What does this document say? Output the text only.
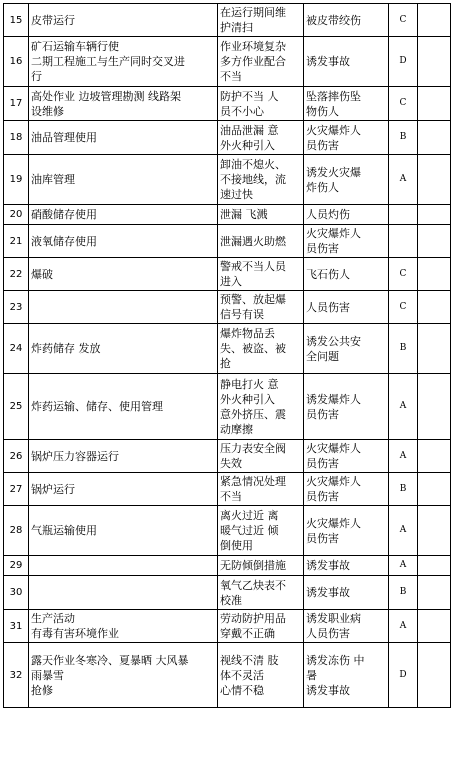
15	皮带运行	在运行期间维
护清扫	被皮带绞伤	C	
16	矿石运输车辆行使
二期工程施工与生产同时交叉进
行	作业环境复杂
多方作业配合
不当	诱发事故	D	
17	高处作业 边坡管理勘测 线路架
设维修	防护不当 人
员不小心	坠落摔伤坠
物伤人	C	
18	油品管理使用	油品泄漏 意
外火种引入	火灾爆炸人
员伤害	B	
19	油库管理	卸油不熄火、
不接地线，流
速过快	诱发火灾爆
炸伤人	A	
20	硝酸储存使用	泄漏 飞溅	人员灼伤		
21	液氧储存使用	泄漏遇火助燃	火灾爆炸人
员伤害		
22	爆破	警戒不当人员
进入	飞石伤人	C	
23		预警、放起爆
信号有误	人员伤害	C	
24	炸药储存 发放	爆炸物品丢
失、被盗、被
抢	诱发公共安
全问题	B	
25	炸药运输、储存、使用管理	静电打火 意
外火种引入
意外挤压、震
动摩擦	诱发爆炸人
员伤害	A	
26	锅炉压力容器运行	压力表安全阀
失效	火灾爆炸人
员伤害	A	
27	锅炉运行	紧急情况处理
不当	火灾爆炸人
员伤害	B	
28	气瓶运输使用	离火过近 离
暖气过近 倾
倒使用	火灾爆炸人
员伤害	A	
29		无防倾倒措施	诱发事故	A	
30		氧气乙炔表不
校准	诱发事故	B	
31	生产活动
有毒有害环境作业	劳动防护用品
穿戴不正确	诱发职业病
人员伤害	A	
32	露天作业冬寒冷、夏暴晒 大风暴
雨暴雪
抢修	视线不清 肢
体不灵活
心情不稳	诱发冻伤 中
暑
诱发事故	D	
